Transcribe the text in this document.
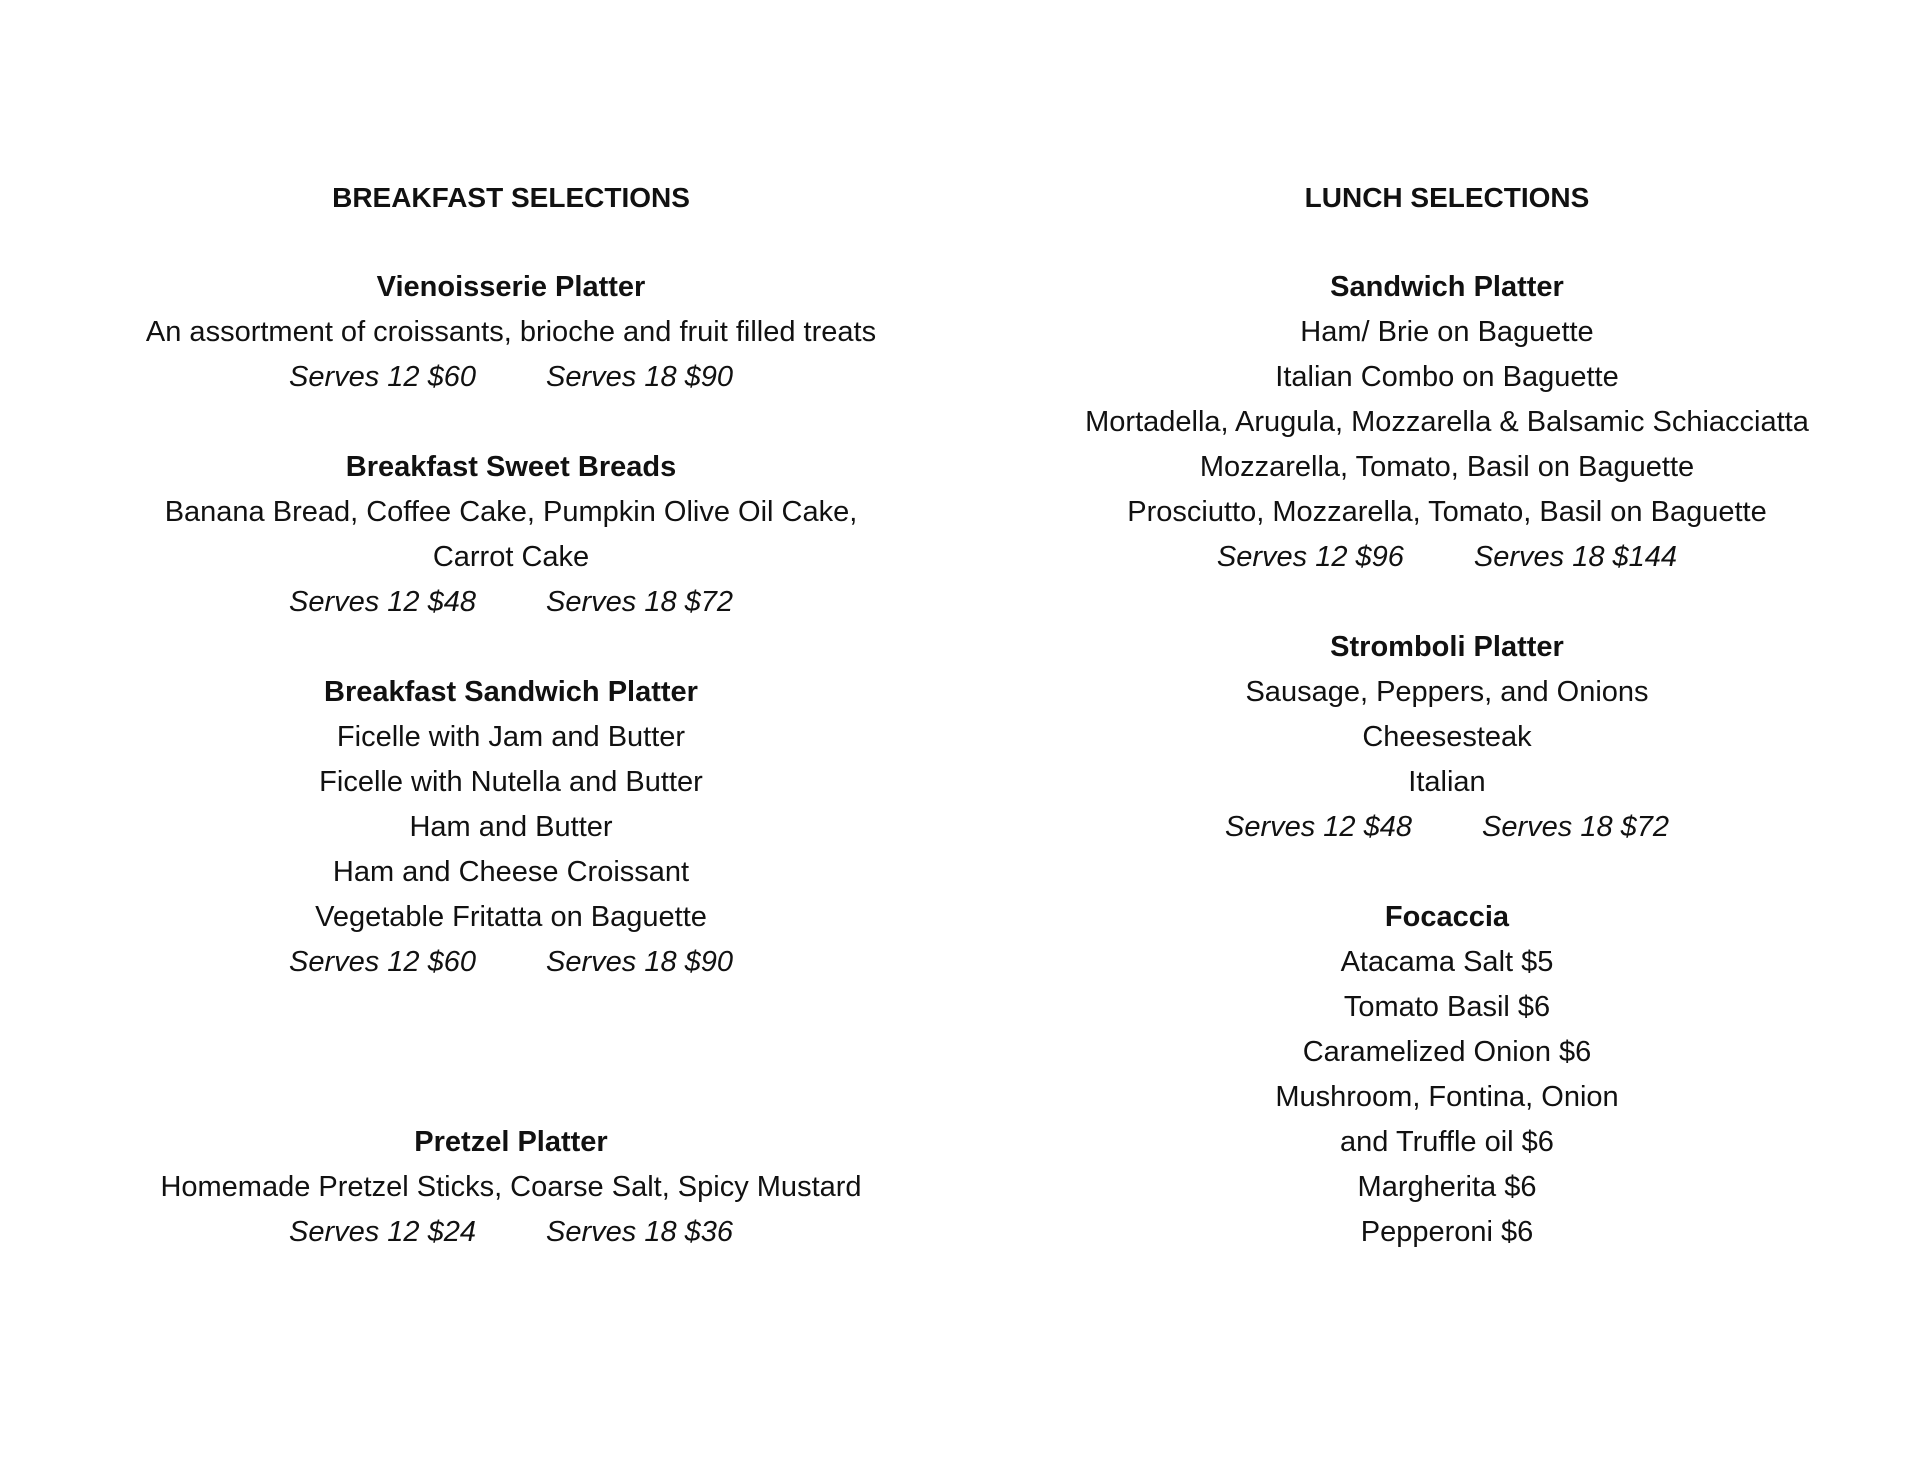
BREAKFAST SELECTIONS
Vienoisserie Platter
An assortment of croissants, brioche and fruit filled treats
Serves 12 $60 Serves 18 $90
Breakfast Sweet Breads
Banana Bread, Coffee Cake, Pumpkin Olive Oil Cake,
Carrot Cake
Serves 12 $48 Serves 18 $72
Breakfast Sandwich Platter
Ficelle with Jam and Butter
Ficelle with Nutella and Butter
Ham and Butter
Ham and Cheese Croissant
Vegetable Fritatta on Baguette
Serves 12 $60 Serves 18 $90
Pretzel Platter
Homemade Pretzel Sticks, Coarse Salt, Spicy Mustard
Serves 12 $24 Serves 18 $36
LUNCH SELECTIONS
Sandwich Platter
Ham/ Brie on Baguette
Italian Combo on Baguette
Mortadella, Arugula, Mozzarella & Balsamic Schiacciatta
Mozzarella, Tomato, Basil on Baguette
Prosciutto, Mozzarella, Tomato, Basil on Baguette
Serves 12 $96 Serves 18 $144
Stromboli Platter
Sausage, Peppers, and Onions
Cheesesteak
Italian
Serves 12 $48 Serves 18 $72
Focaccia
Atacama Salt $5
Tomato Basil $6
Caramelized Onion $6
Mushroom, Fontina, Onion
and Truffle oil $6
Margherita $6
Pepperoni $6
